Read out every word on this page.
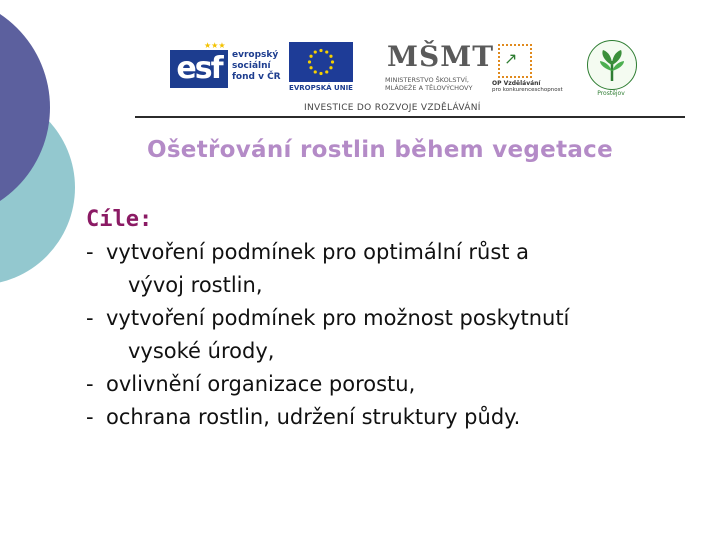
★★★
esf	evropský
sociální
fond v ČR
EVROPSKÁ UNIE
MŠMT
MINISTERSTVO ŠKOLSTVÍ,
MLÁDEŽE A TĚLOVÝCHOVY
↗
OP Vzdělávání
pro konkurenceschopnost	Prostějov
INVESTICE DO ROZVOJE VZDĚLÁVÁNÍ
Ošetřování rostlin během vegetace
Cíle:
- vytvoření podmínek pro optimální růst a
vývoj rostlin,
- vytvoření podmínek pro možnost poskytnutí
vysoké úrody,
- ovlivnění organizace porostu,
- ochrana rostlin, udržení struktury půdy.
